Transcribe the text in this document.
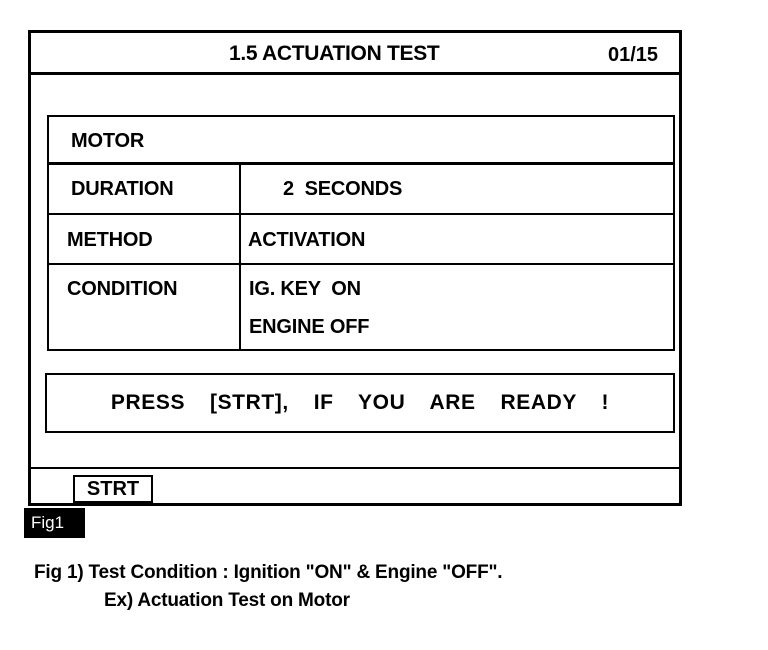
1.5 ACTUATION TEST	01/15
MOTOR
DURATION	2  SECONDS
METHOD	ACTIVATION
CONDITION	IG. KEY  ON
ENGINE OFF
PRESS  [STRT],  IF  YOU  ARE  READY  !
STRT
Fig1
Fig 1) Test Condition : Ignition "ON" & Engine "OFF".
Ex) Actuation Test on Motor
